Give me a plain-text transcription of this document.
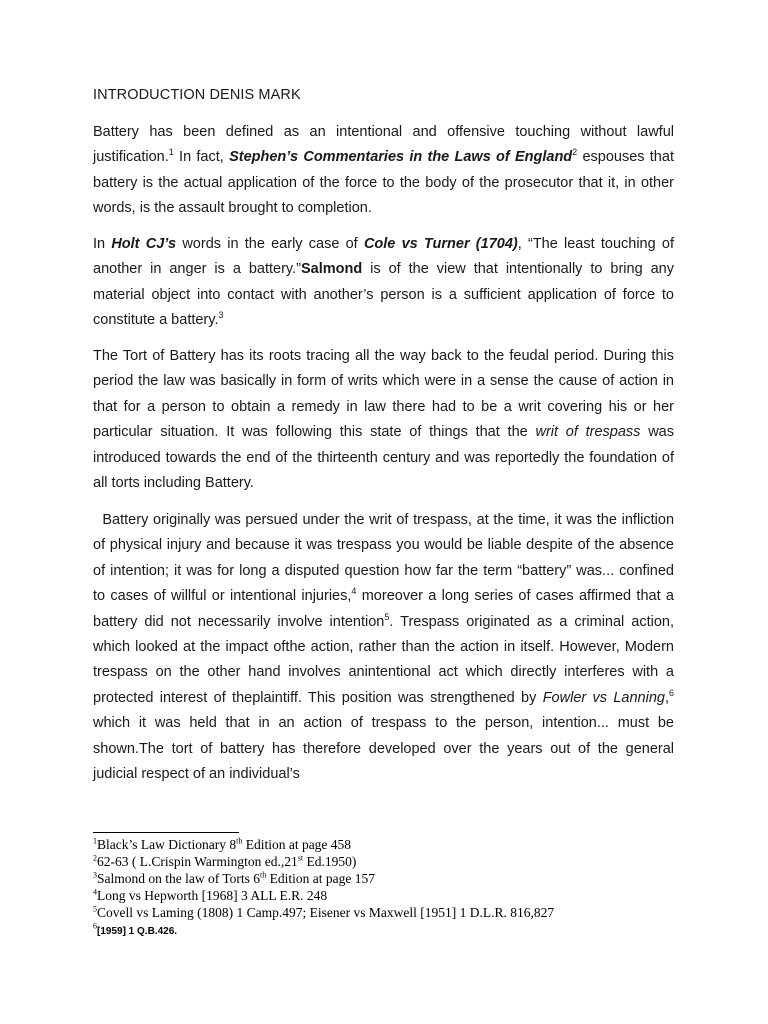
INTRODUCTION DENIS MARK

Battery has been defined as an intentional and offensive touching without lawful justification.$^1$ In fact, Stephen’s Commentaries in the Laws of England$^2$ espouses that battery is the actual application of the force to the body of the prosecutor that it, in other words, is the assault brought to completion.

In Holt CJ’s words in the early case of Cole vs Turner (1704), “The least touching of another in anger is a battery.”Salmond is of the view that intentionally to bring any material object into contact with another’s person is a sufficient application of force to constitute a battery.$^3$

The Tort of Battery has its roots tracing all the way back to the feudal period. During this period the law was basically in form of writs which were in a sense the cause of action in that for a person to obtain a remedy in law there had to be a writ covering his or her particular situation. It was following this state of things that the writ of trespass was introduced towards the end of the thirteenth century and was reportedly the foundation of all torts including Battery.

Battery originally was persued under the writ of trespass, at the time, it was the infliction of physical injury and because it was trespass you would be liable despite of the absence of intention; it was for long a disputed question how far the term “battery” was... confined to cases of willful or intentional injuries,$^4$ moreover a long series of cases affirmed that a battery did not necessarily involve intention$^5$. Trespass originated as a criminal action, which looked at the impact ofthe action, rather than the action in itself. However, Modern trespass on the other hand involves anintentional act which directly interferes with a protected interest of theplaintiff. This position was strengthened by Fowler vs Lanning,$^6$ which it was held that in an action of trespass to the person, intention... must be shown.The tort of battery has therefore developed over the years out of the general judicial respect of an individual’s

$^1$Black’s Law Dictionary 8th Edition at page 458
$^2$62-63 ( L.Crispin Warmington ed.,21st Ed.1950)
$^3$Salmond on the law of Torts 6th Edition at page 157
$^4$Long vs Hepworth [1968] 3 ALL E.R. 248
$^5$Covell vs Laming (1808) 1 Camp.497; Eisener vs Maxwell [1951] 1 D.L.R. 816,827
$^6$[1959] 1 Q.B.426.
